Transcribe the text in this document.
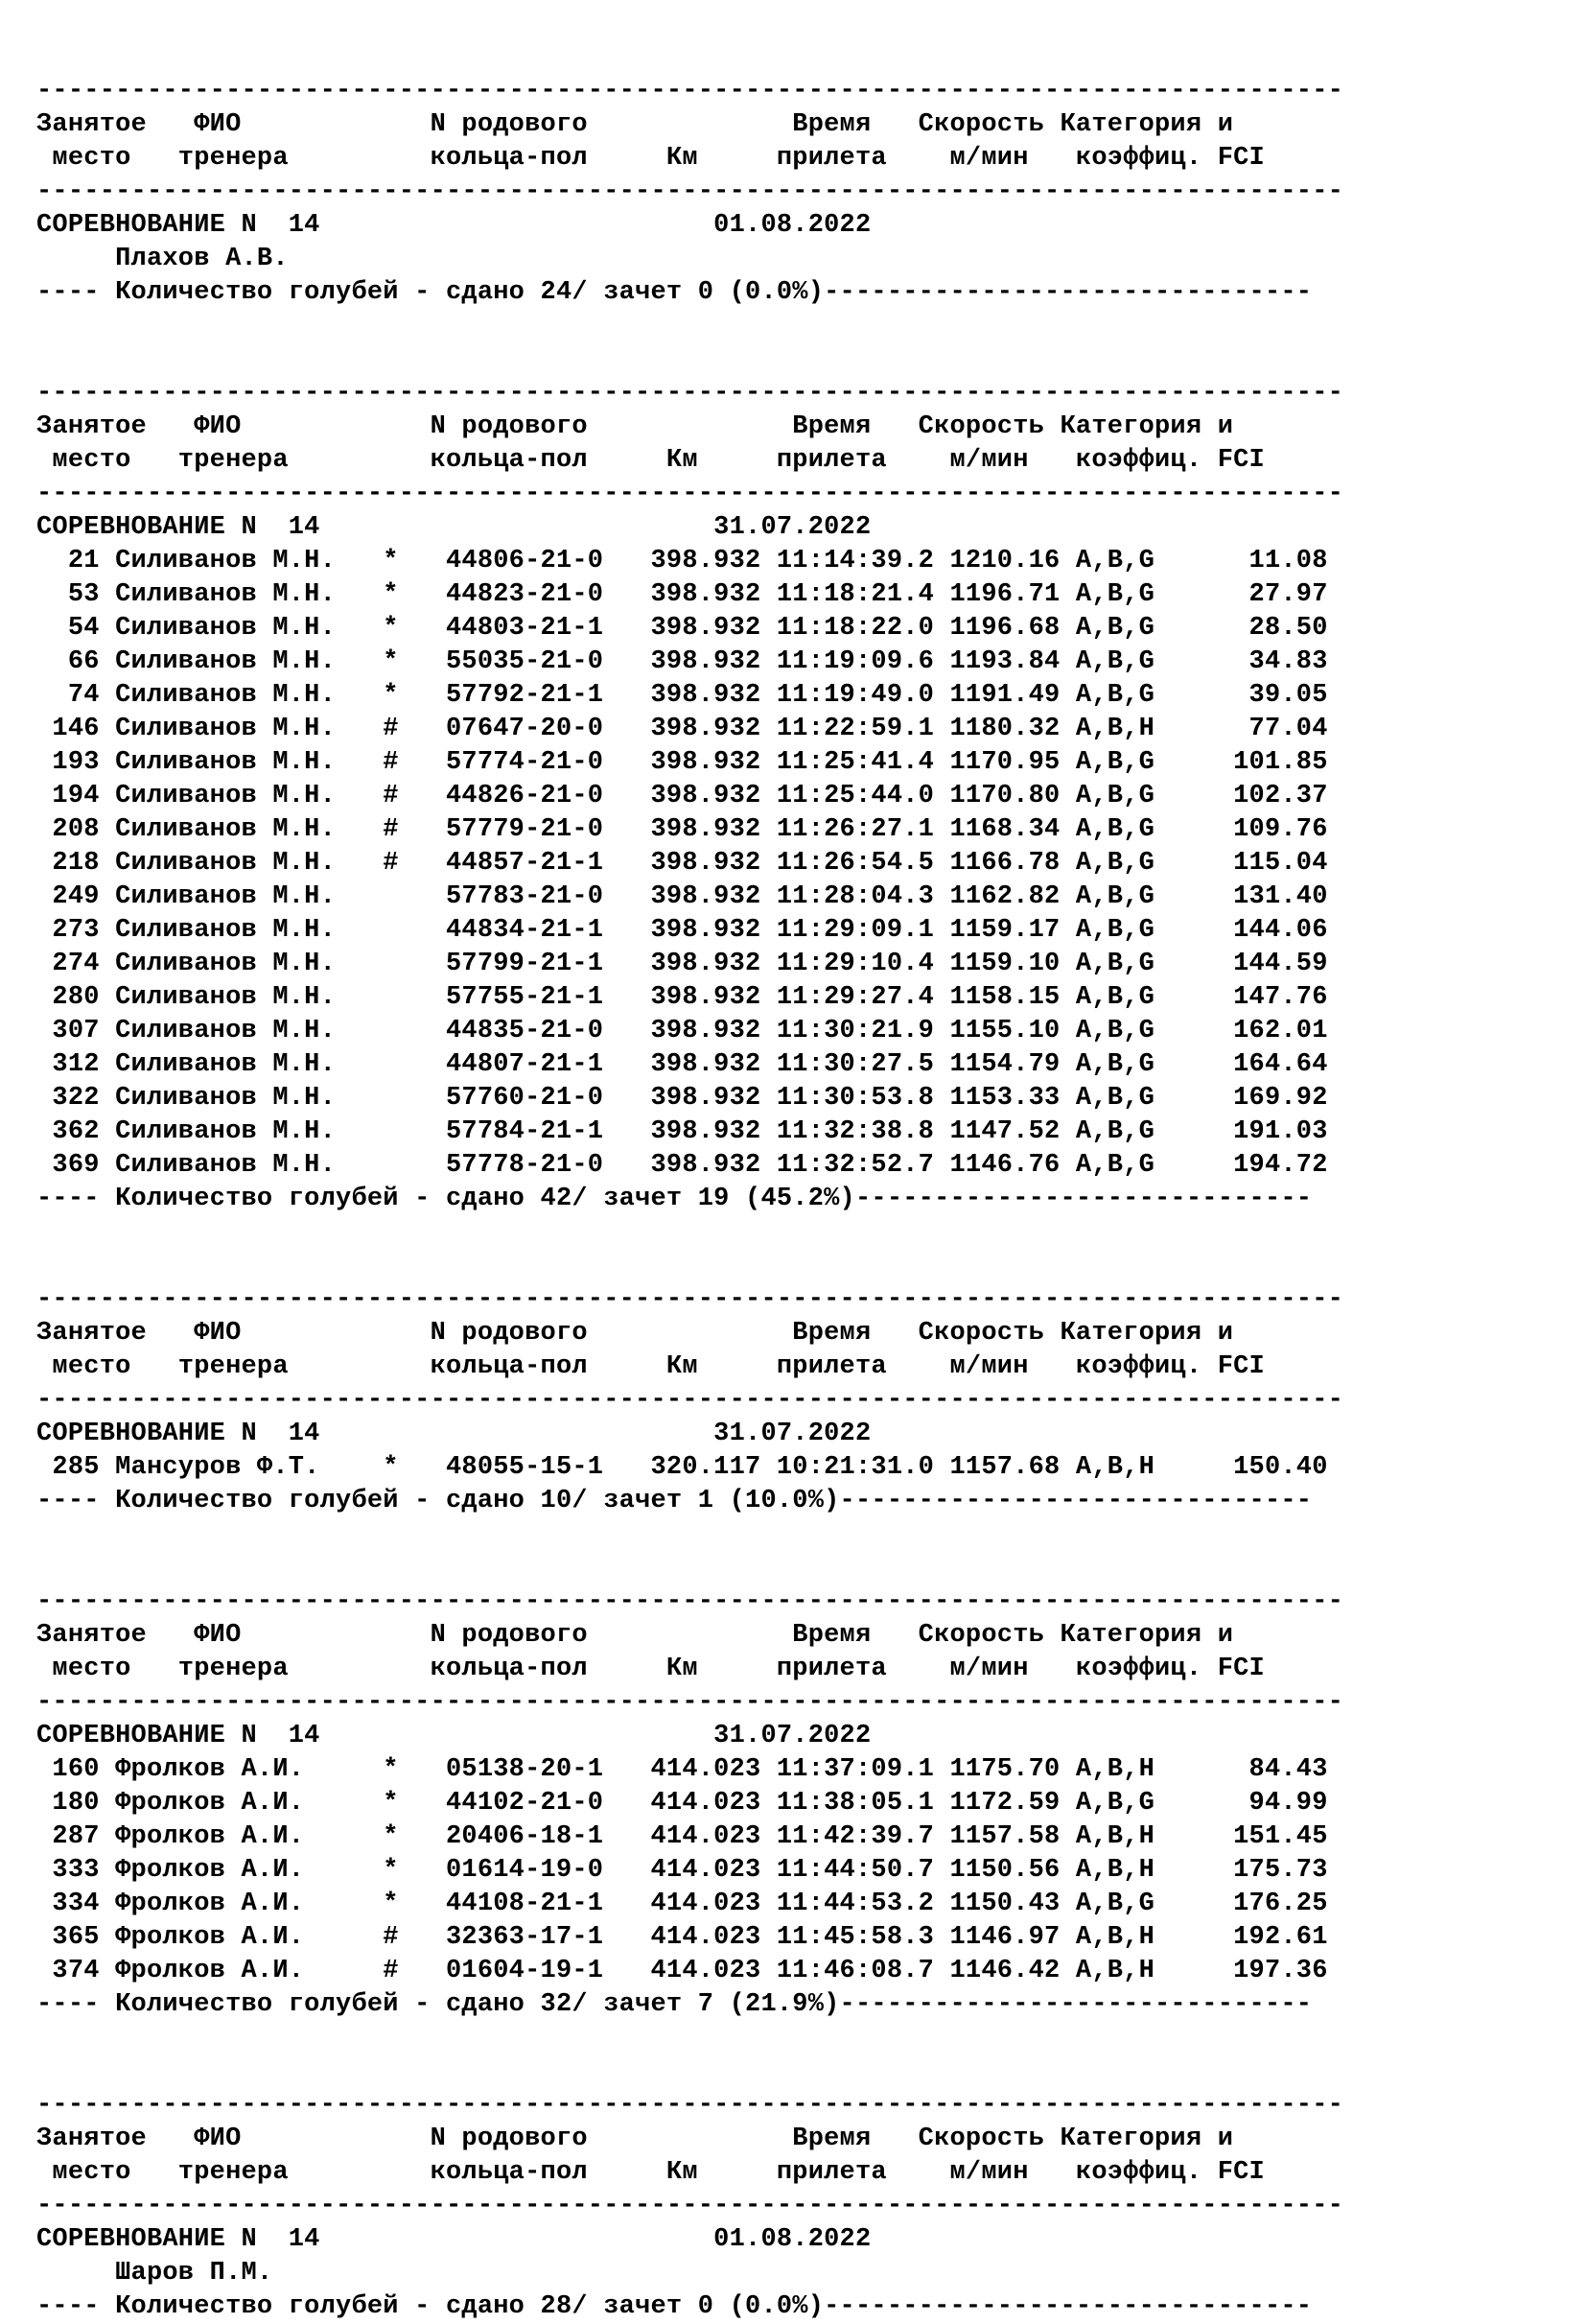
-----------------------------------------------------------------------------------
Занятое   ФИО            N родового             Время   Скорость Категория и
место   тренера         кольца-пол     Км     прилета    м/мин   коэффиц. FCI
-----------------------------------------------------------------------------------
СОРЕВНОВАНИЕ N  14                         01.08.2022
Плахов А.В.
---- Количество голубей - сдано 24/ зачет 0 (0.0%)-------------------------------
-----------------------------------------------------------------------------------
Занятое   ФИО            N родового             Время   Скорость Категория и
место   тренера         кольца-пол     Км     прилета    м/мин   коэффиц. FCI
-----------------------------------------------------------------------------------
СОРЕВНОВАНИЕ N  14                         31.07.2022
21 Силиванов М.Н.   *   44806-21-0   398.932 11:14:39.2 1210.16 A,B,G      11.08
53 Силиванов М.Н.   *   44823-21-0   398.932 11:18:21.4 1196.71 A,B,G      27.97
54 Силиванов М.Н.   *   44803-21-1   398.932 11:18:22.0 1196.68 A,B,G      28.50
66 Силиванов М.Н.   *   55035-21-0   398.932 11:19:09.6 1193.84 A,B,G      34.83
74 Силиванов М.Н.   *   57792-21-1   398.932 11:19:49.0 1191.49 A,B,G      39.05
146 Силиванов М.Н.   #   07647-20-0   398.932 11:22:59.1 1180.32 A,B,H      77.04
193 Силиванов М.Н.   #   57774-21-0   398.932 11:25:41.4 1170.95 A,B,G     101.85
194 Силиванов М.Н.   #   44826-21-0   398.932 11:25:44.0 1170.80 A,B,G     102.37
208 Силиванов М.Н.   #   57779-21-0   398.932 11:26:27.1 1168.34 A,B,G     109.76
218 Силиванов М.Н.   #   44857-21-1   398.932 11:26:54.5 1166.78 A,B,G     115.04
249 Силиванов М.Н.       57783-21-0   398.932 11:28:04.3 1162.82 A,B,G     131.40
273 Силиванов М.Н.       44834-21-1   398.932 11:29:09.1 1159.17 A,B,G     144.06
274 Силиванов М.Н.       57799-21-1   398.932 11:29:10.4 1159.10 A,B,G     144.59
280 Силиванов М.Н.       57755-21-1   398.932 11:29:27.4 1158.15 A,B,G     147.76
307 Силиванов М.Н.       44835-21-0   398.932 11:30:21.9 1155.10 A,B,G     162.01
312 Силиванов М.Н.       44807-21-1   398.932 11:30:27.5 1154.79 A,B,G     164.64
322 Силиванов М.Н.       57760-21-0   398.932 11:30:53.8 1153.33 A,B,G     169.92
362 Силиванов М.Н.       57784-21-1   398.932 11:32:38.8 1147.52 A,B,G     191.03
369 Силиванов М.Н.       57778-21-0   398.932 11:32:52.7 1146.76 A,B,G     194.72
---- Количество голубей - сдано 42/ зачет 19 (45.2%)-----------------------------
-----------------------------------------------------------------------------------
Занятое   ФИО            N родового             Время   Скорость Категория и
место   тренера         кольца-пол     Км     прилета    м/мин   коэффиц. FCI
-----------------------------------------------------------------------------------
СОРЕВНОВАНИЕ N  14                         31.07.2022
285 Мансуров Ф.Т.    *   48055-15-1   320.117 10:21:31.0 1157.68 A,B,H     150.40
---- Количество голубей - сдано 10/ зачет 1 (10.0%)------------------------------
-----------------------------------------------------------------------------------
Занятое   ФИО            N родового             Время   Скорость Категория и
место   тренера         кольца-пол     Км     прилета    м/мин   коэффиц. FCI
-----------------------------------------------------------------------------------
СОРЕВНОВАНИЕ N  14                         31.07.2022
160 Фролков А.И.     *   05138-20-1   414.023 11:37:09.1 1175.70 A,B,H      84.43
180 Фролков А.И.     *   44102-21-0   414.023 11:38:05.1 1172.59 A,B,G      94.99
287 Фролков А.И.     *   20406-18-1   414.023 11:42:39.7 1157.58 A,B,H     151.45
333 Фролков А.И.     *   01614-19-0   414.023 11:44:50.7 1150.56 A,B,H     175.73
334 Фролков А.И.     *   44108-21-1   414.023 11:44:53.2 1150.43 A,B,G     176.25
365 Фролков А.И.     #   32363-17-1   414.023 11:45:58.3 1146.97 A,B,H     192.61
374 Фролков А.И.     #   01604-19-1   414.023 11:46:08.7 1146.42 A,B,H     197.36
---- Количество голубей - сдано 32/ зачет 7 (21.9%)------------------------------
-----------------------------------------------------------------------------------
Занятое   ФИО            N родового             Время   Скорость Категория и
место   тренера         кольца-пол     Км     прилета    м/мин   коэффиц. FCI
-----------------------------------------------------------------------------------
СОРЕВНОВАНИЕ N  14                         01.08.2022
Шаров П.М.
---- Количество голубей - сдано 28/ зачет 0 (0.0%)-------------------------------
